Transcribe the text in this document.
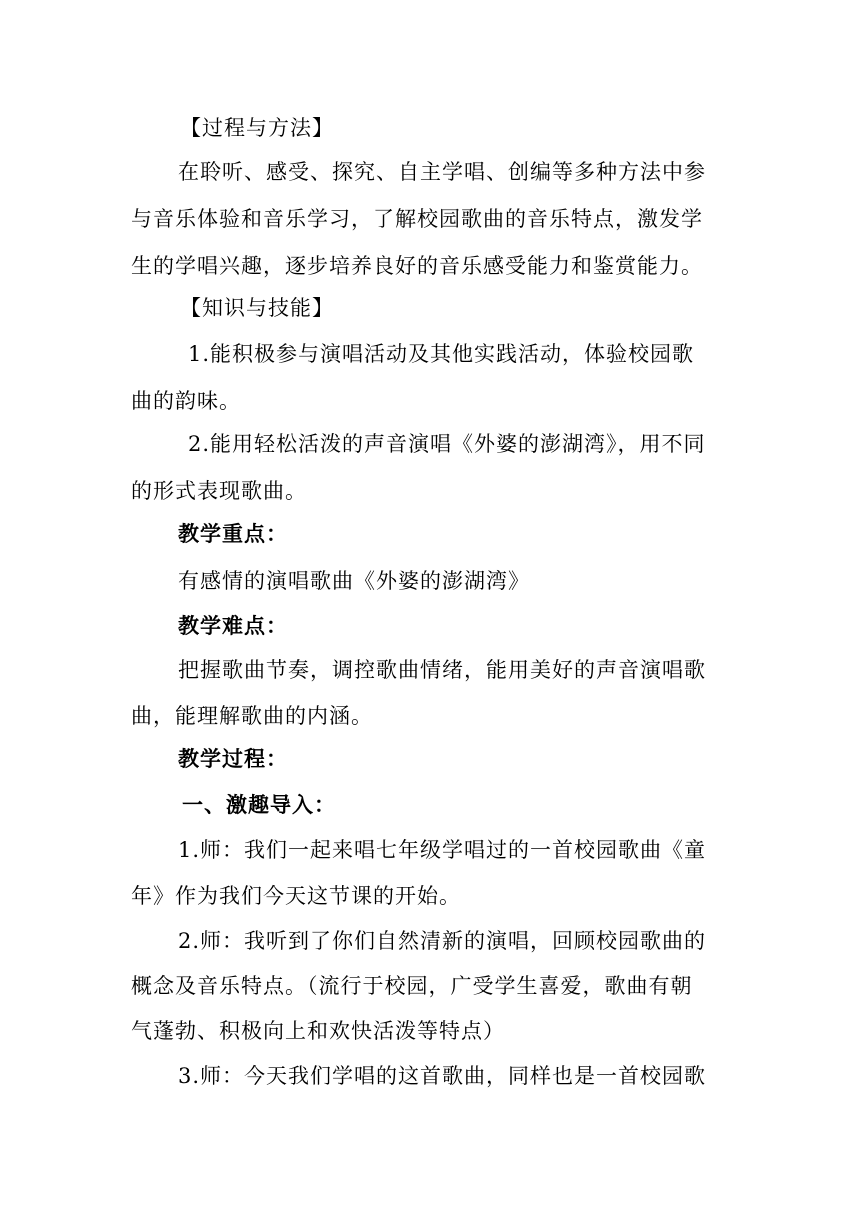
【过程与方法】
在聆听、感受、探究、自主学唱、创编等多种方法中参
与音乐体验和音乐学习，了解校园歌曲的音乐特点，激发学
生的学唱兴趣，逐步培养良好的音乐感受能力和鉴赏能力。
【知识与技能】
1.能积极参与演唱活动及其他实践活动，体验校园歌
曲的韵味。
2.能用轻松活泼的声音演唱《外婆的澎湖湾》，用不同
的形式表现歌曲。
教学重点：
有感情的演唱歌曲《外婆的澎湖湾》
教学难点：
把握歌曲节奏，调控歌曲情绪，能用美好的声音演唱歌
曲，能理解歌曲的内涵。
教学过程：
一、激趣导入：
1.师：我们一起来唱七年级学唱过的一首校园歌曲《童
年》作为我们今天这节课的开始。
2.师：我听到了你们自然清新的演唱，回顾校园歌曲的
概念及音乐特点。（流行于校园，广受学生喜爱，歌曲有朝
气蓬勃、积极向上和欢快活泼等特点）
3.师：今天我们学唱的这首歌曲，同样也是一首校园歌
